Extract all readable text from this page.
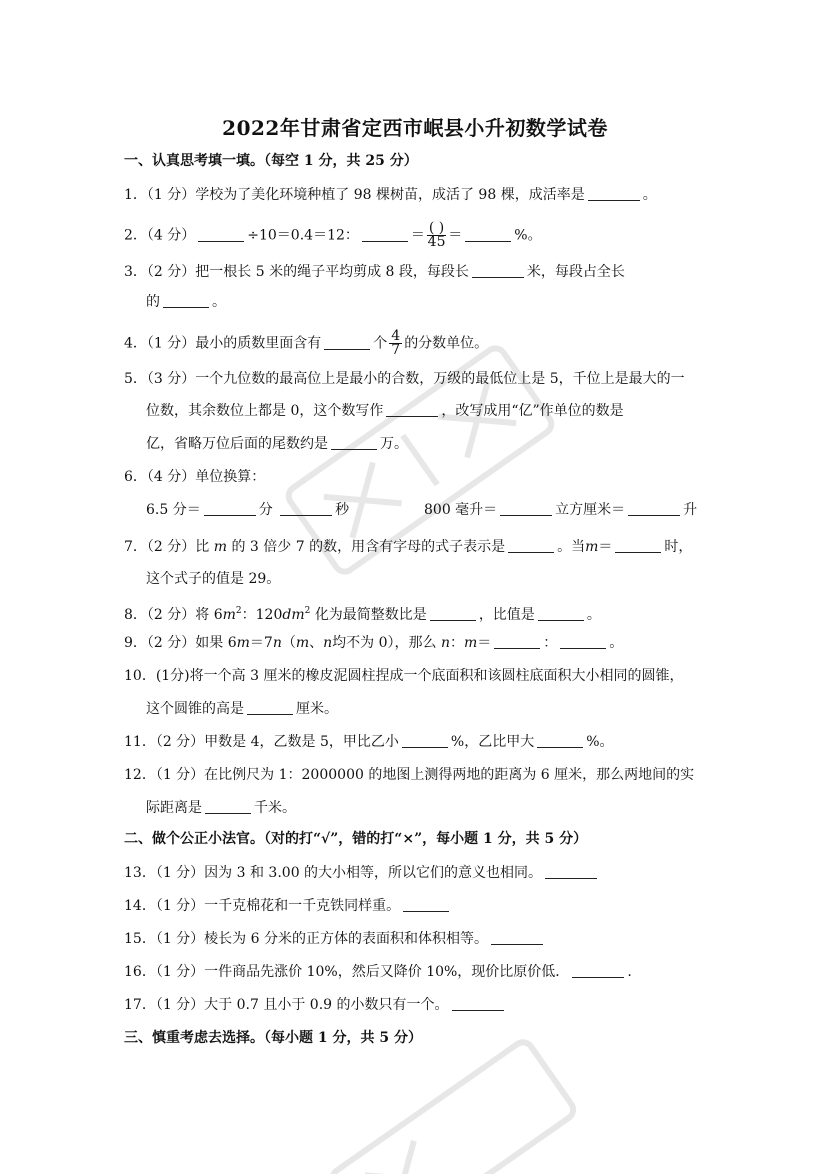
2022年甘肃省定西市岷县小升初数学试卷
一、认真思考填一填。（每空 1 分，共 25 分）
1．（1 分）学校为了美化环境种植了 98 棵树苗，成活了 98 棵，成活率是	。
2．（4 分）	÷10＝0.4＝12：	＝ $\frac{( )}{45}$ ＝	%。
3．（2 分）把一根长 5 米的绳子平均剪成 8 段，每段长	米，每段占全长
的	。
4．（1 分）最小的质数里面含有	个 $\frac{4}{7}$ 的分数单位。
5．（3 分）一个九位数的最高位上是最小的合数，万级的最低位上是 5，千位上是最大的一
位数，其余数位上都是 0，这个数写作	，改写成用“亿”作单位的数是
亿，省略万位后面的尾数约是	万。
6．（4 分）单位换算：
6.5 分＝	分	秒	800 毫升＝	立方厘米＝	升
7．（2 分）比 m 的 3 倍少 7 的数，用含有字母的式子表示是	。当m＝	时，
这个式子的值是 29。
8．（2 分）将 $6m^2$：$120dm^2$ 化为最简整数比是	，比值是	。
9．（2 分）如果 6m＝7n（m、n均不为 0），那么 n：m＝	：	。
10．(1分)将一个高 3 厘米的橡皮泥圆柱捏成一个底面积和该圆柱底面积大小相同的圆锥，
这个圆锥的高是	厘米。
11．（2 分）甲数是 4，乙数是 5，甲比乙小	%，乙比甲大	%。
12．（1 分）在比例尺为 1：2000000 的地图上测得两地的距离为 6 厘米，那么两地间的实
际距离是	千米。
二、做个公正小法官。（对的打“√”，错的打“×”，每小题 1 分，共 5 分）
13．（1 分）因为 3 和 3.00 的大小相等，所以它们的意义也相同。
14．（1 分）一千克棉花和一千克铁同样重。
15．（1 分）棱长为 6 分米的正方体的表面积和体积相等。
16．（1 分）一件商品先涨价 10%，然后又降价 10%，现价比原价低．	.
17．（1 分）大于 0.7 且小于 0.9 的小数只有一个。
三、慎重考虑去选择。（每小题 1 分，共 5 分）
